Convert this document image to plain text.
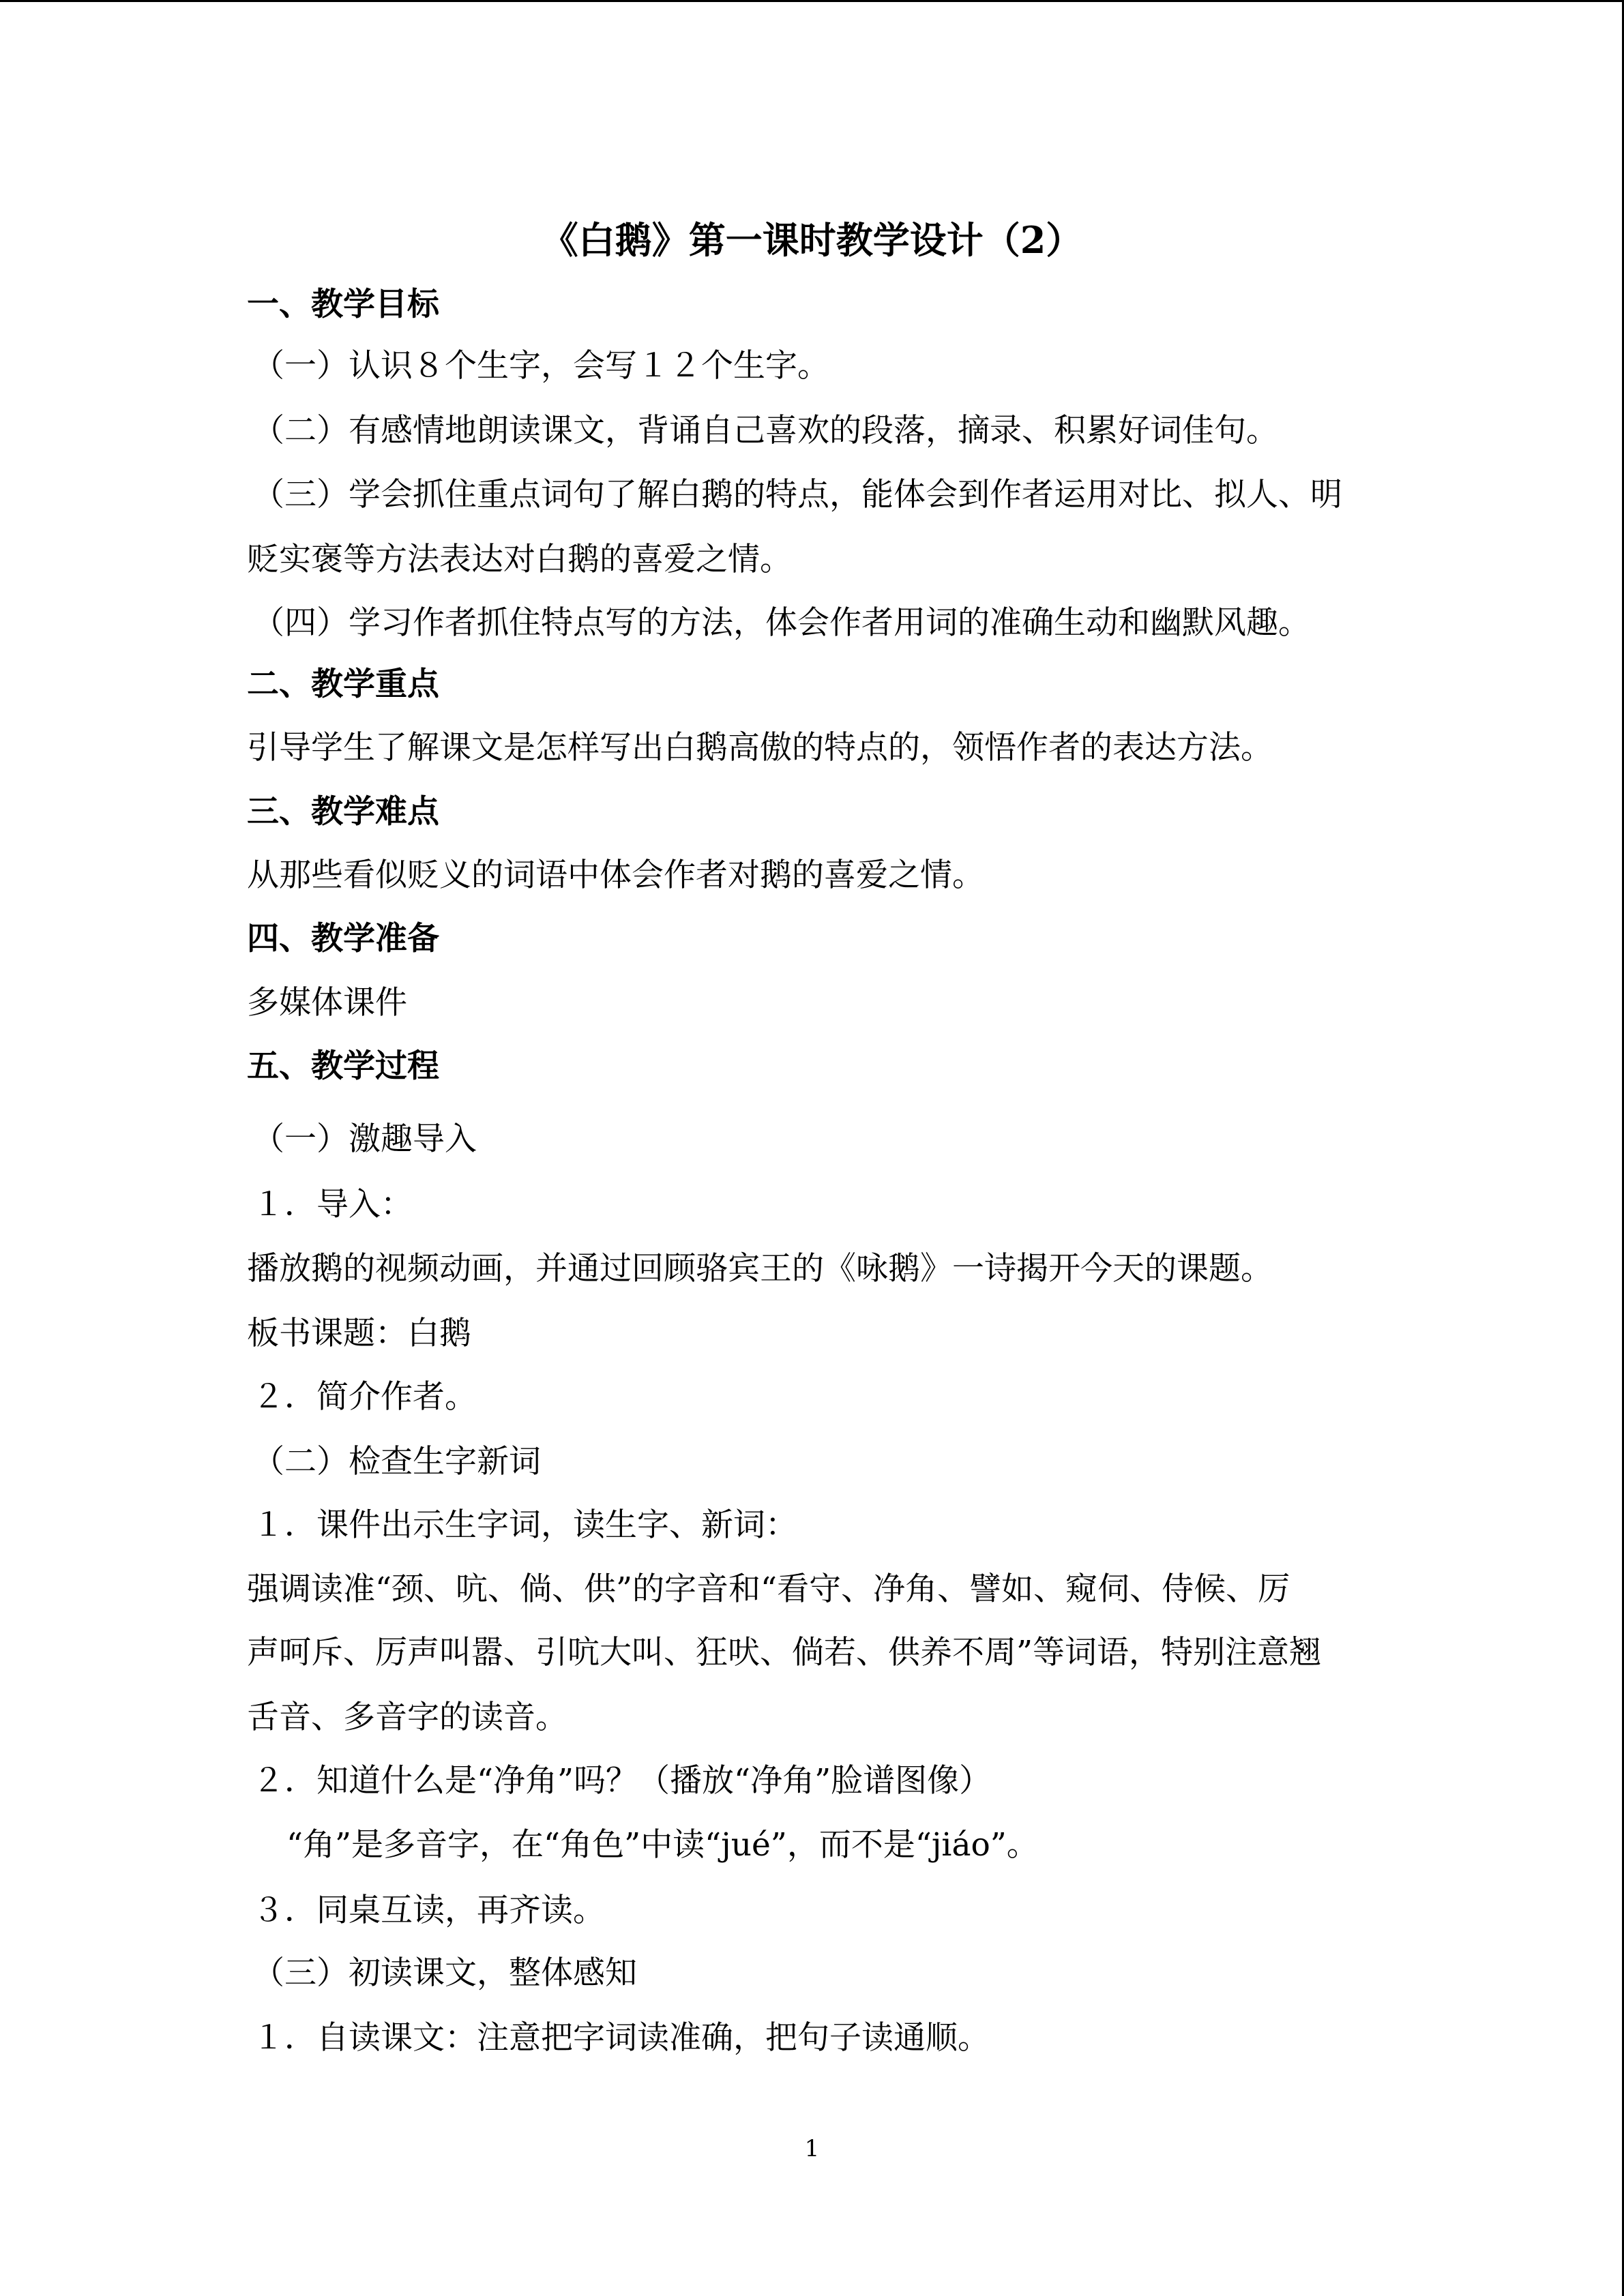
《白鹅》第一课时教学设计（2）
一、教学目标
（一）认识８个生字，会写１２个生字。
（二）有感情地朗读课文，背诵自己喜欢的段落，摘录、积累好词佳句。
（三）学会抓住重点词句了解白鹅的特点，能体会到作者运用对比、拟人、明
贬实褒等方法表达对白鹅的喜爱之情。
（四）学习作者抓住特点写的方法，体会作者用词的准确生动和幽默风趣。
二、教学重点
引导学生了解课文是怎样写出白鹅高傲的特点的，领悟作者的表达方法。
三、教学难点
从那些看似贬义的词语中体会作者对鹅的喜爱之情。
四、教学准备
多媒体课件
五、教学过程
（一）激趣导入
１．导入：
播放鹅的视频动画，并通过回顾骆宾王的《咏鹅》一诗揭开今天的课题。
板书课题：白鹅
２．简介作者。
（二）检查生字新词
１．课件出示生字词，读生字、新词：
强调读准“颈、吭、倘、供”的字音和“看守、净角、譬如、窥伺、侍候、厉
声呵斥、厉声叫嚣、引吭大叫、狂吠、倘若、供养不周”等词语，特别注意翘
舌音、多音字的读音。
２．知道什么是“净角”吗？（播放“净角”脸谱图像）
“角”是多音字，在“角色”中读“jué”，而不是“jiáo”。
３．同桌互读，再齐读。
（三）初读课文，整体感知
１．自读课文：注意把字词读准确，把句子读通顺。
1
